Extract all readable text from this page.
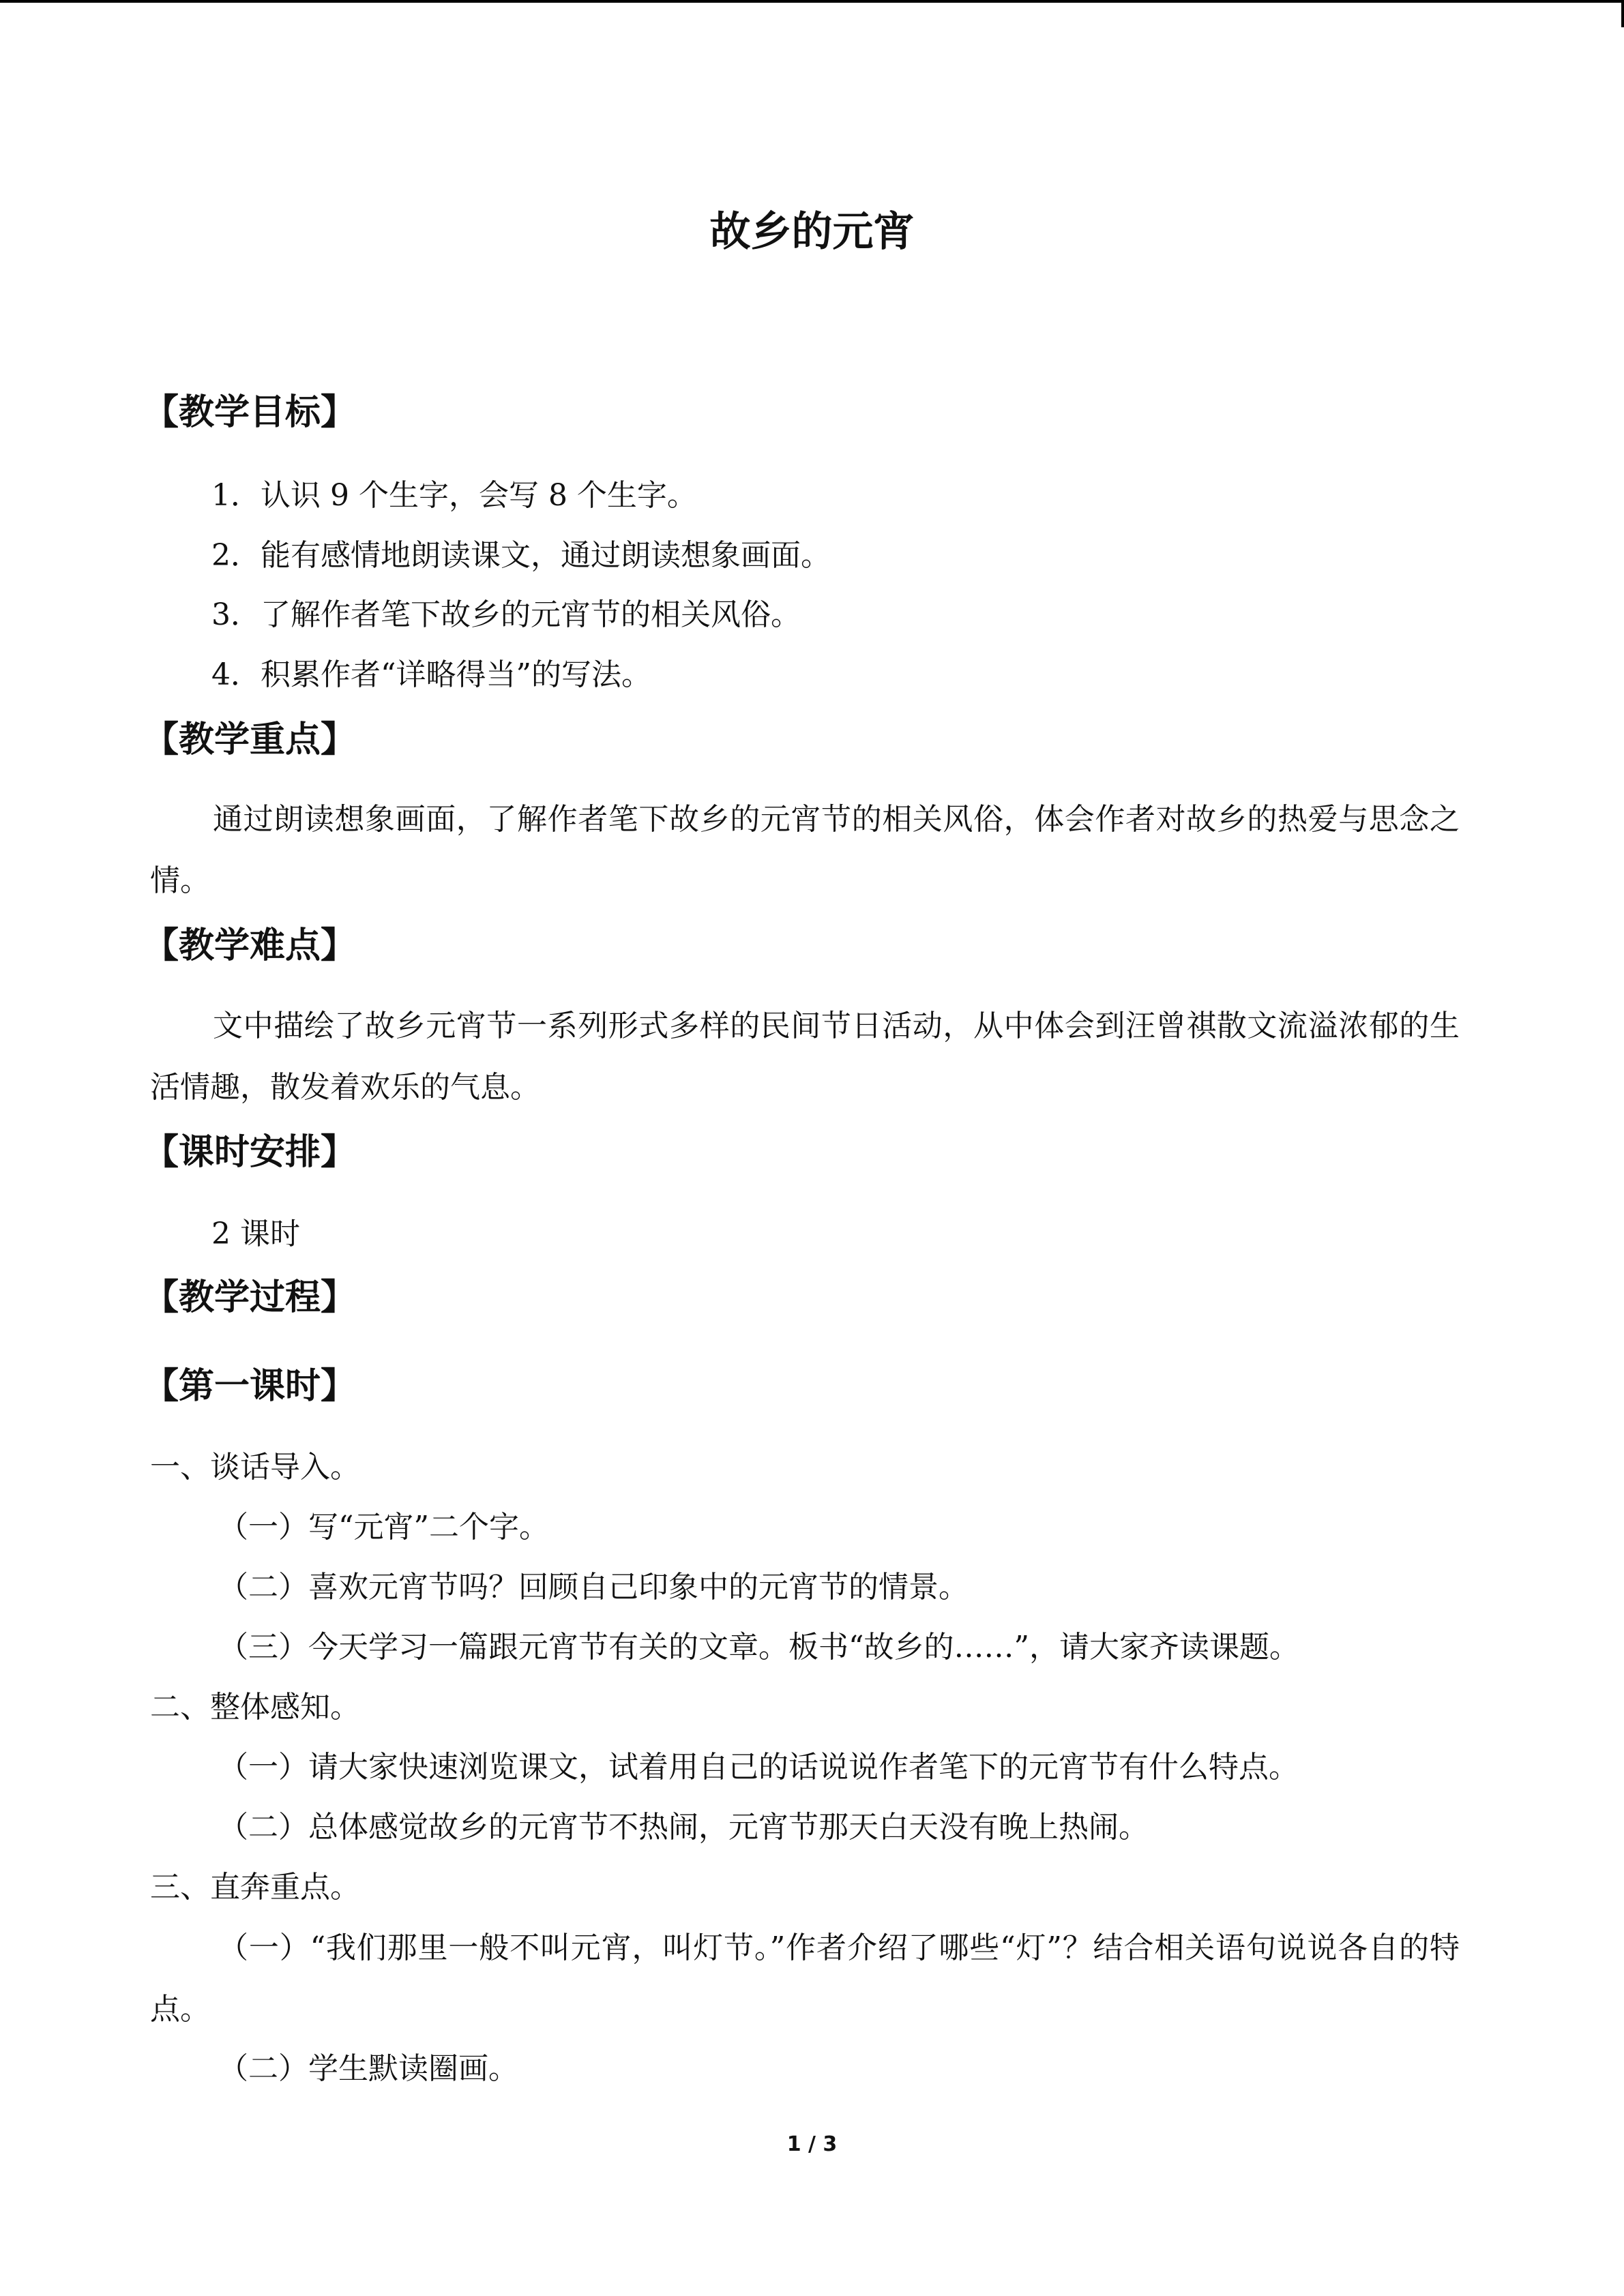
故乡的元宵
【教学目标】

1．认识 9 个生字，会写 8 个生字。

2．能有感情地朗读课文，通过朗读想象画面。

3．了解作者笔下故乡的元宵节的相关风俗。

4．积累作者“详略得当”的写法。

【教学重点】

通过朗读想象画面，了解作者笔下故乡的元宵节的相关风俗，体会作者对故乡的热爱与思念之情。

【教学难点】

文中描绘了故乡元宵节一系列形式多样的民间节日活动，从中体会到汪曾祺散文流溢浓郁的生活情趣，散发着欢乐的气息。

【课时安排】

2 课时

【教学过程】
【第一课时】

一、谈话导入。

（一）写“元宵”二个字。

（二）喜欢元宵节吗？回顾自己印象中的元宵节的情景。

（三）今天学习一篇跟元宵节有关的文章。板书“故乡的……”，请大家齐读课题。

二、整体感知。

（一）请大家快速浏览课文，试着用自己的话说说作者笔下的元宵节有什么特点。

（二）总体感觉故乡的元宵节不热闹，元宵节那天白天没有晚上热闹。

三、直奔重点。

（一）“我们那里一般不叫元宵，叫灯节。”作者介绍了哪些“灯”？结合相关语句说说各自的特点。

（二）学生默读圈画。

1 / 3
